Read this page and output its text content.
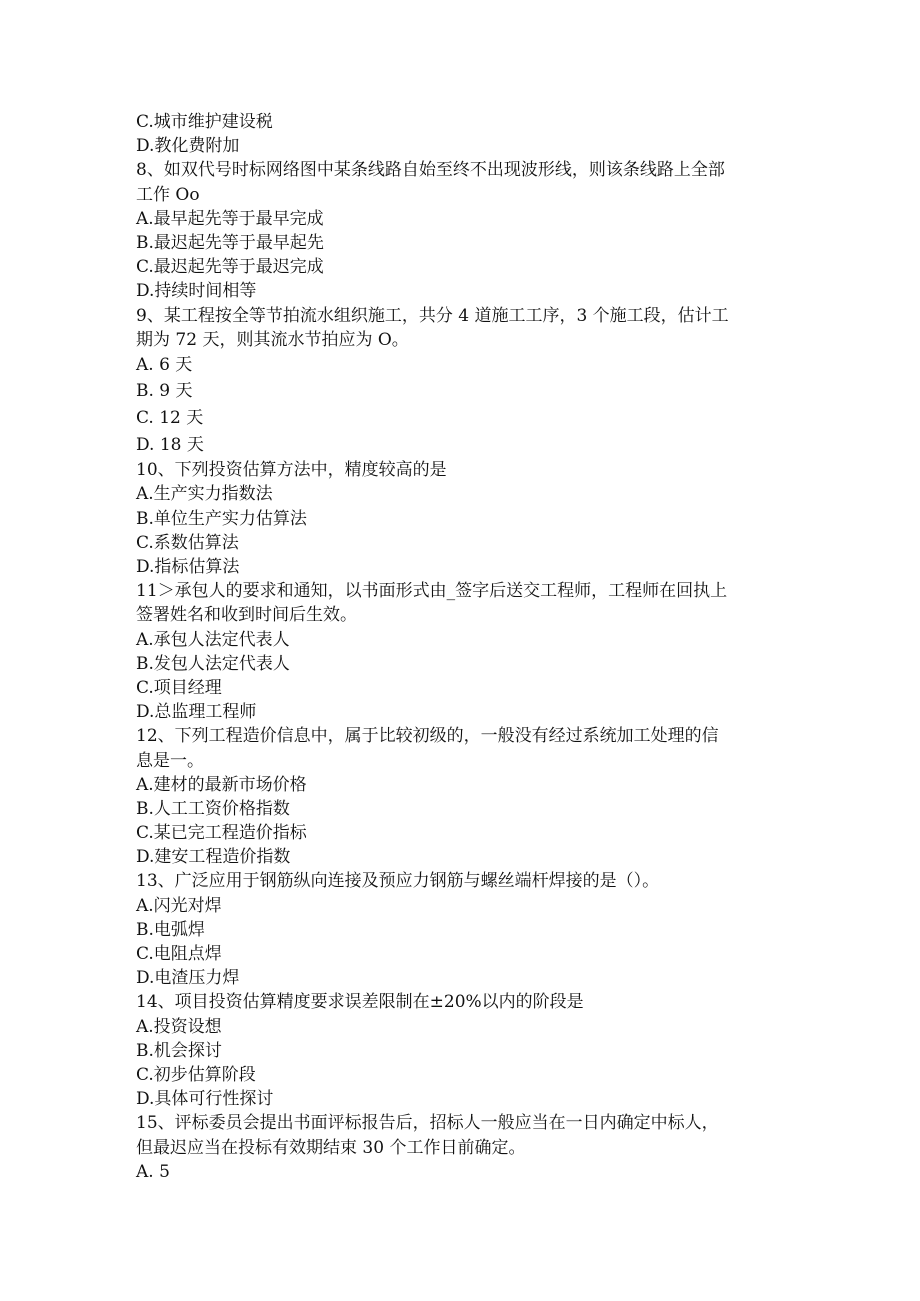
C.城市维护建设税
D.教化费附加
8、如双代号时标网络图中某条线路自始至终不出现波形线，则该条线路上全部
工作 Oo
A.最早起先等于最早完成
B.最迟起先等于最早起先
C.最迟起先等于最迟完成
D.持续时间相等
9、某工程按全等节拍流水组织施工，共分 4 道施工工序，3 个施工段，估计工
期为 72 天，则其流水节拍应为 O。
A. 6 天
B. 9 天
C. 12 天
D. 18 天
10、下列投资估算方法中，精度较高的是
A.生产实力指数法
B.单位生产实力估算法
C.系数估算法
D.指标估算法
11＞承包人的要求和通知，以书面形式由_签字后送交工程师，工程师在回执上
签署姓名和收到时间后生效。
A.承包人法定代表人
B.发包人法定代表人
C.项目经理
D.总监理工程师
12、下列工程造价信息中，属于比较初级的，一般没有经过系统加工处理的信
息是一。
A.建材的最新市场价格
B.人工工资价格指数
C.某已完工程造价指标
D.建安工程造价指数
13、广泛应用于钢筋纵向连接及预应力钢筋与螺丝端杆焊接的是（）。
A.闪光对焊
B.电弧焊
C.电阻点焊
D.电渣压力焊
14、项目投资估算精度要求误差限制在±20%以内的阶段是
A.投资设想
B.机会探讨
C.初步估算阶段
D.具体可行性探讨
15、评标委员会提出书面评标报告后，招标人一般应当在一日内确定中标人，
但最迟应当在投标有效期结束 30 个工作日前确定。
A. 5
